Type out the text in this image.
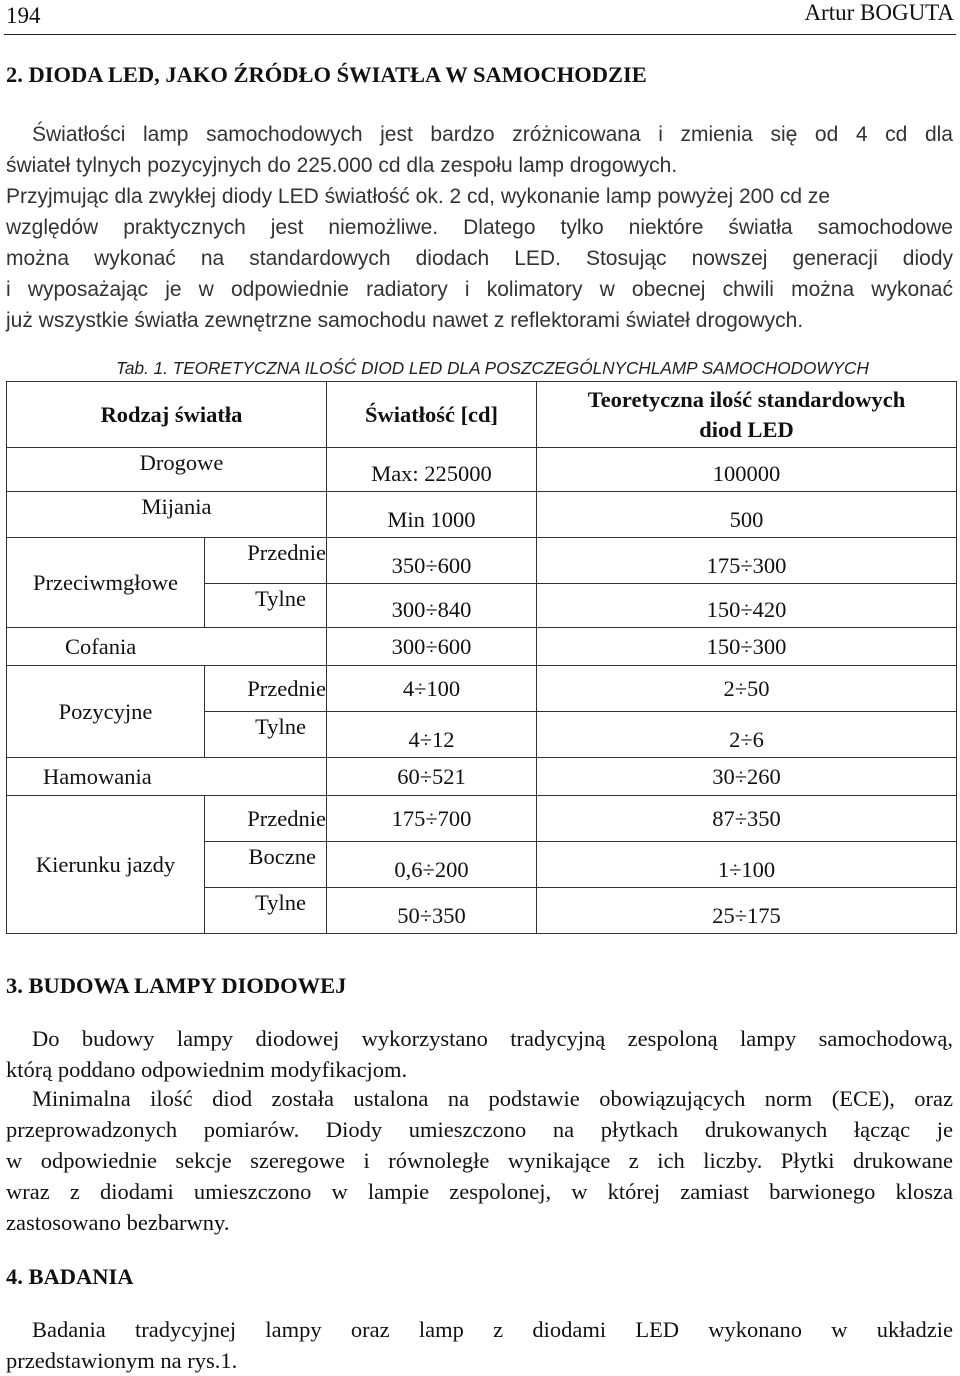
194	Artur BOGUTA
2. DIODA LED, JAKO ŹRÓDŁO ŚWIATŁA W SAMOCHODZIE
Światłości lamp samochodowych jest bardzo zróżnicowana i zmienia się od 4 cd dla
świateł tylnych pozycyjnych do 225.000 cd dla zespołu lamp drogowych.
Przyjmując dla zwykłej diody LED światłość ok. 2 cd, wykonanie lamp powyżej 200 cd ze
względów praktycznych jest niemożliwe. Dlatego tylko niektóre światła samochodowe
można wykonać na standardowych diodach LED. Stosując nowszej generacji diody
i wyposażając je w odpowiednie radiatory i kolimatory w obecnej chwili można wykonać
już wszystkie światła zewnętrzne samochodu nawet z reflektorami świateł drogowych.
Tab. 1. TEORETYCZNA ILOŚĆ DIOD LED DLA POSZCZEGÓLNYCHLAMP SAMOCHODOWYCH
Rodzaj światła		Światłość [cd]	Teoretyczna ilość standardowych
diod LED
Drogowe		Max: 225000	100000
Mijania		Min 1000	500
Przeciwmgłowe	Przednie	350÷600	175÷300
	Tylne	300÷840	150÷420
Cofania		300÷600	150÷300
Pozycyjne	Przednie	4÷100	2÷50
	Tylne	4÷12	2÷6
Hamowania		60÷521	30÷260
Kierunku jazdy	Przednie	175÷700	87÷350
	Boczne	0,6÷200	1÷100
	Tylne	50÷350	25÷175
3. BUDOWA LAMPY DIODOWEJ
Do budowy lampy diodowej wykorzystano tradycyjną zespoloną lampy samochodową,
którą poddano odpowiednim modyfikacjom.
Minimalna ilość diod została ustalona na podstawie obowiązujących norm (ECE), oraz
przeprowadzonych pomiarów. Diody umieszczono na płytkach drukowanych łącząc je
w odpowiednie sekcje szeregowe i równoległe wynikające z ich liczby. Płytki drukowane
wraz z diodami umieszczono w lampie zespolonej, w której zamiast barwionego klosza
zastosowano bezbarwny.
4. BADANIA
Badania tradycyjnej lampy oraz lamp z diodami LED wykonano w układzie
przedstawionym na rys.1.
